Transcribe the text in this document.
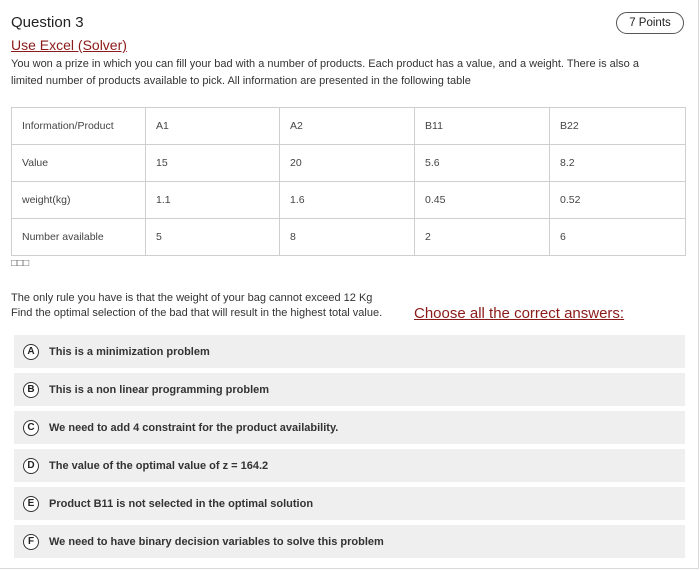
Question 3	7 Points
Use Excel (Solver)
You won a prize in which you can fill your bad with a number of products. Each product has a value, and a weight. There is also a
limited number of products available to pick. All information are presented in the following table
Information/Product	A1	A2	B11	B22
Value	15	20	5.6	8.2
weight(kg)	1.1	1.6	0.45	0.52
Number available	5	8	2	6
□□□
The only rule you have is that the weight of your bag cannot exceed 12 Kg
Find the optimal selection of the bad that will result in the highest total value. Choose all the correct answers:
A	This is a minimization problem
B	This is a non linear programming problem
C	We need to add 4 constraint for the product availability.
D	The value of the optimal value of z = 164.2
E	Product B11 is not selected in the optimal solution
F	We need to have binary decision variables to solve this problem
